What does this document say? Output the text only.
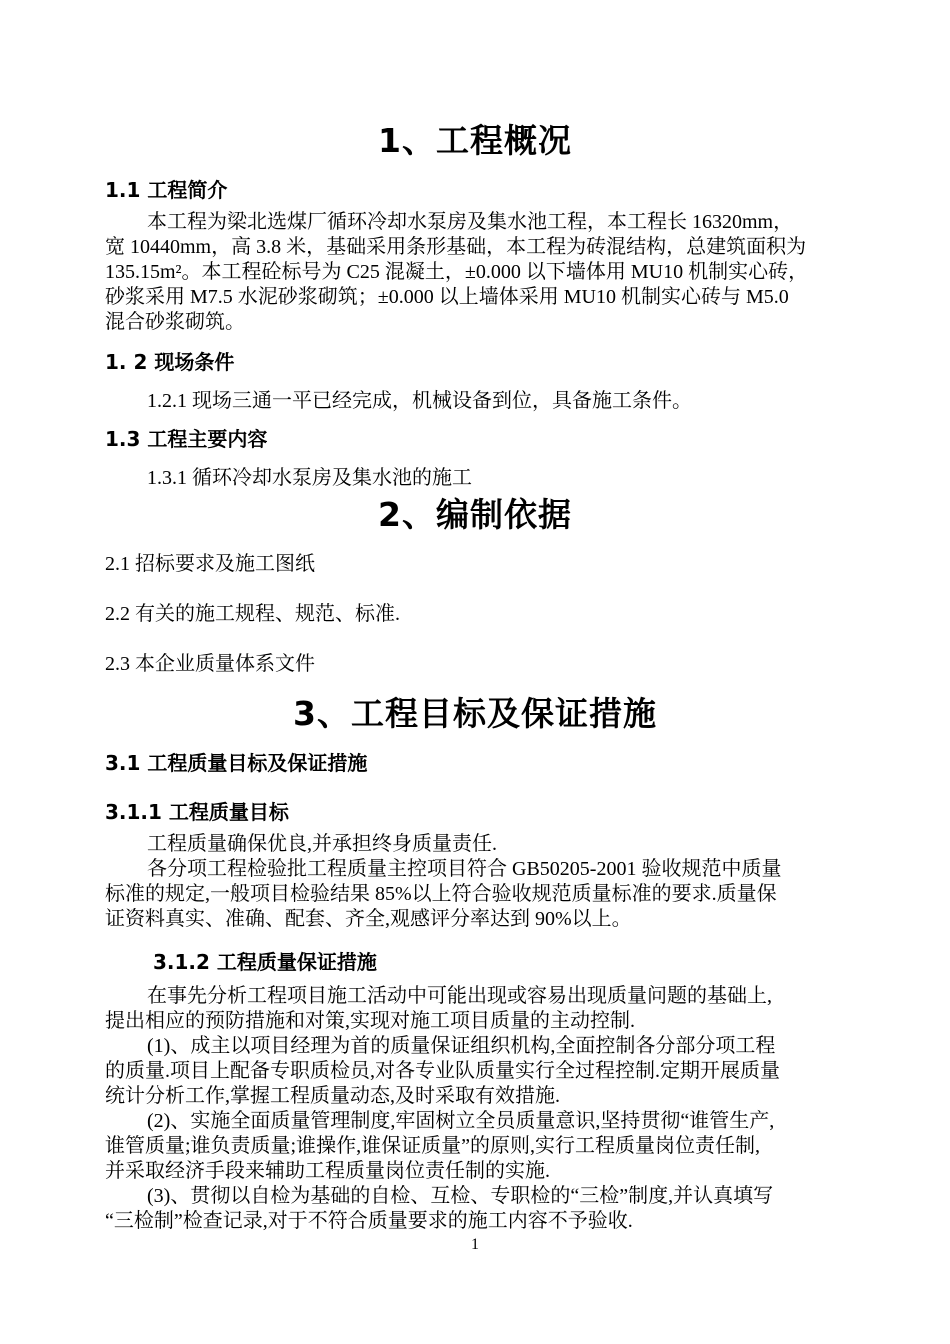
1、工程概况
1.1 工程简介
本工程为梁北选煤厂循环冷却水泵房及集水池工程，本工程长 16320mm，
宽 10440mm，高 3.8 米，基础采用条形基础，本工程为砖混结构，总建筑面积为
135.15m²。本工程砼标号为 C25 混凝土，±0.000 以下墙体用 MU10 机制实心砖，
砂浆采用 M7.5 水泥砂浆砌筑；±0.000 以上墙体采用 MU10 机制实心砖与 M5.0
混合砂浆砌筑。
1. 2 现场条件
1.2.1 现场三通一平已经完成，机械设备到位，具备施工条件。
1.3 工程主要内容
1.3.1 循环冷却水泵房及集水池的施工
2、编制依据
2.1 招标要求及施工图纸
2.2 有关的施工规程、规范、标准.
2.3 本企业质量体系文件
3、工程目标及保证措施
3.1 工程质量目标及保证措施
3.1.1 工程质量目标
工程质量确保优良,并承担终身质量责任.
各分项工程检验批工程质量主控项目符合 GB50205-2001 验收规范中质量
标准的规定,一般项目检验结果 85%以上符合验收规范质量标准的要求.质量保
证资料真实、准确、配套、齐全,观感评分率达到 90%以上。
3.1.2 工程质量保证措施
在事先分析工程项目施工活动中可能出现或容易出现质量问题的基础上,
提出相应的预防措施和对策,实现对施工项目质量的主动控制.
(1)、成主以项目经理为首的质量保证组织机构,全面控制各分部分项工程
的质量.项目上配备专职质检员,对各专业队质量实行全过程控制.定期开展质量
统计分析工作,掌握工程质量动态,及时采取有效措施.
(2)、实施全面质量管理制度,牢固树立全员质量意识,坚持贯彻“谁管生产,
谁管质量;谁负责质量;谁操作,谁保证质量”的原则,实行工程质量岗位责任制,
并采取经济手段来辅助工程质量岗位责任制的实施.
(3)、贯彻以自检为基础的自检、互检、专职检的“三检”制度,并认真填写
“三检制”检查记录,对于不符合质量要求的施工内容不予验收.
1
